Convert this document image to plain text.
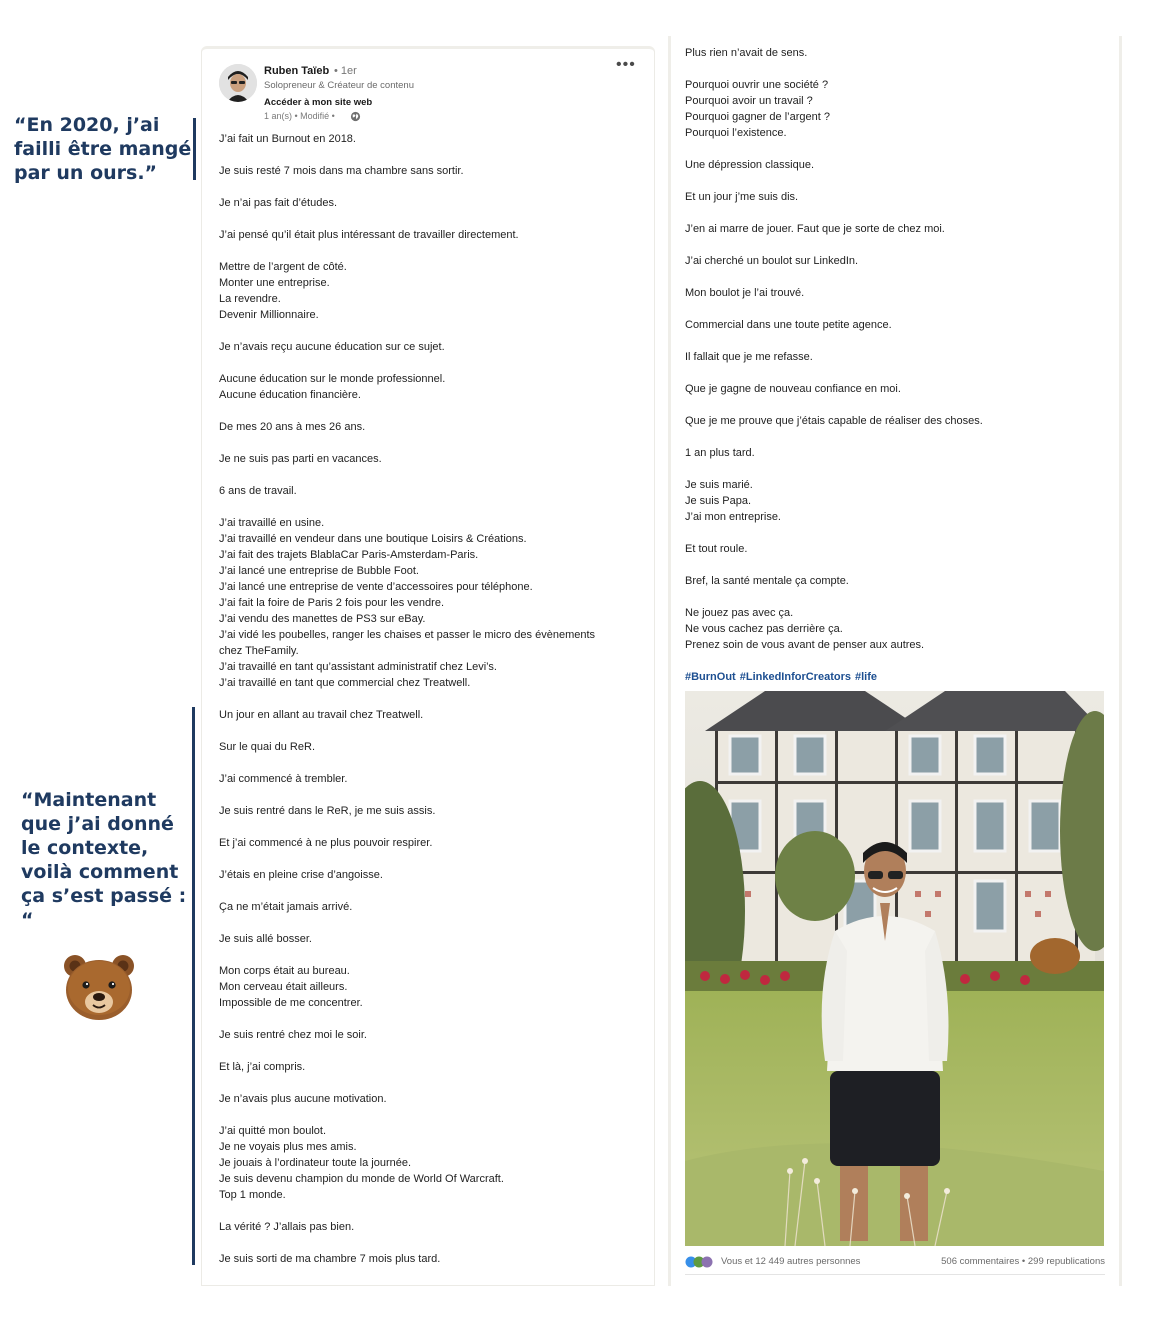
“En 2020, j’ai failli être mangé par un ours.”
“Maintenant que j’ai donné le contexte, voilà comment ça s’est passé : “
Ruben Taïeb • 1er
Solopreneur & Créateur de contenu
Accéder à mon site web
1 an(s) • Modifié •
•••
J’ai fait un Burnout en 2018.
Je suis resté 7 mois dans ma chambre sans sortir.
Je n’ai pas fait d’études.
J’ai pensé qu’il était plus intéressant de travailler directement.
Mettre de l’argent de côté.
Monter une entreprise.
La revendre.
Devenir Millionnaire.
Je n’avais reçu aucune éducation sur ce sujet.
Aucune éducation sur le monde professionnel.
Aucune éducation financière.
De mes 20 ans à mes 26 ans.
Je ne suis pas parti en vacances.
6 ans de travail.
J’ai travaillé en usine.
J’ai travaillé en vendeur dans une boutique Loisirs & Créations.
J’ai fait des trajets BlablaCar Paris-Amsterdam-Paris.
J’ai lancé une entreprise de Bubble Foot.
J’ai lancé une entreprise de vente d’accessoires pour téléphone.
J’ai fait la foire de Paris 2 fois pour les vendre.
J’ai vendu des manettes de PS3 sur eBay.
J’ai vidé les poubelles, ranger les chaises et passer le micro des évènements
chez TheFamily.
J’ai travaillé en tant qu’assistant administratif chez Levi’s.
J’ai travaillé en tant que commercial chez Treatwell.
Un jour en allant au travail chez Treatwell.
Sur le quai du ReR.
J’ai commencé à trembler.
Je suis rentré dans le ReR, je me suis assis.
Et j’ai commencé à ne plus pouvoir respirer.
J’étais en pleine crise d’angoisse.
Ça ne m’était jamais arrivé.
Je suis allé bosser.
Mon corps était au bureau.
Mon cerveau était ailleurs.
Impossible de me concentrer.
Je suis rentré chez moi le soir.
Et là, j’ai compris.
Je n’avais plus aucune motivation.
J’ai quitté mon boulot.
Je ne voyais plus mes amis.
Je jouais à l’ordinateur toute la journée.
Je suis devenu champion du monde de World Of Warcraft.
Top 1 monde.
La vérité ? J’allais pas bien.
Je suis sorti de ma chambre 7 mois plus tard.
Plus rien n’avait de sens.
Pourquoi ouvrir une société ?
Pourquoi avoir un travail ?
Pourquoi gagner de l’argent ?
Pourquoi l’existence.
Une dépression classique.
Et un jour j’me suis dis.
J’en ai marre de jouer. Faut que je sorte de chez moi.
J’ai cherché un boulot sur LinkedIn.
Mon boulot je l’ai trouvé.
Commercial dans une toute petite agence.
Il fallait que je me refasse.
Que je gagne de nouveau confiance en moi.
Que je me prouve que j’étais capable de réaliser des choses.
1 an plus tard.
Je suis marié.
Je suis Papa.
J’ai mon entreprise.
Et tout roule.
Bref, la santé mentale ça compte.
Ne jouez pas avec ça.
Ne vous cachez pas derrière ça.
Prenez soin de vous avant de penser aux autres.
#BurnOut #LinkedInforCreators #life
Vous et 12 449 autres personnes	506 commentaires • 299 republications
